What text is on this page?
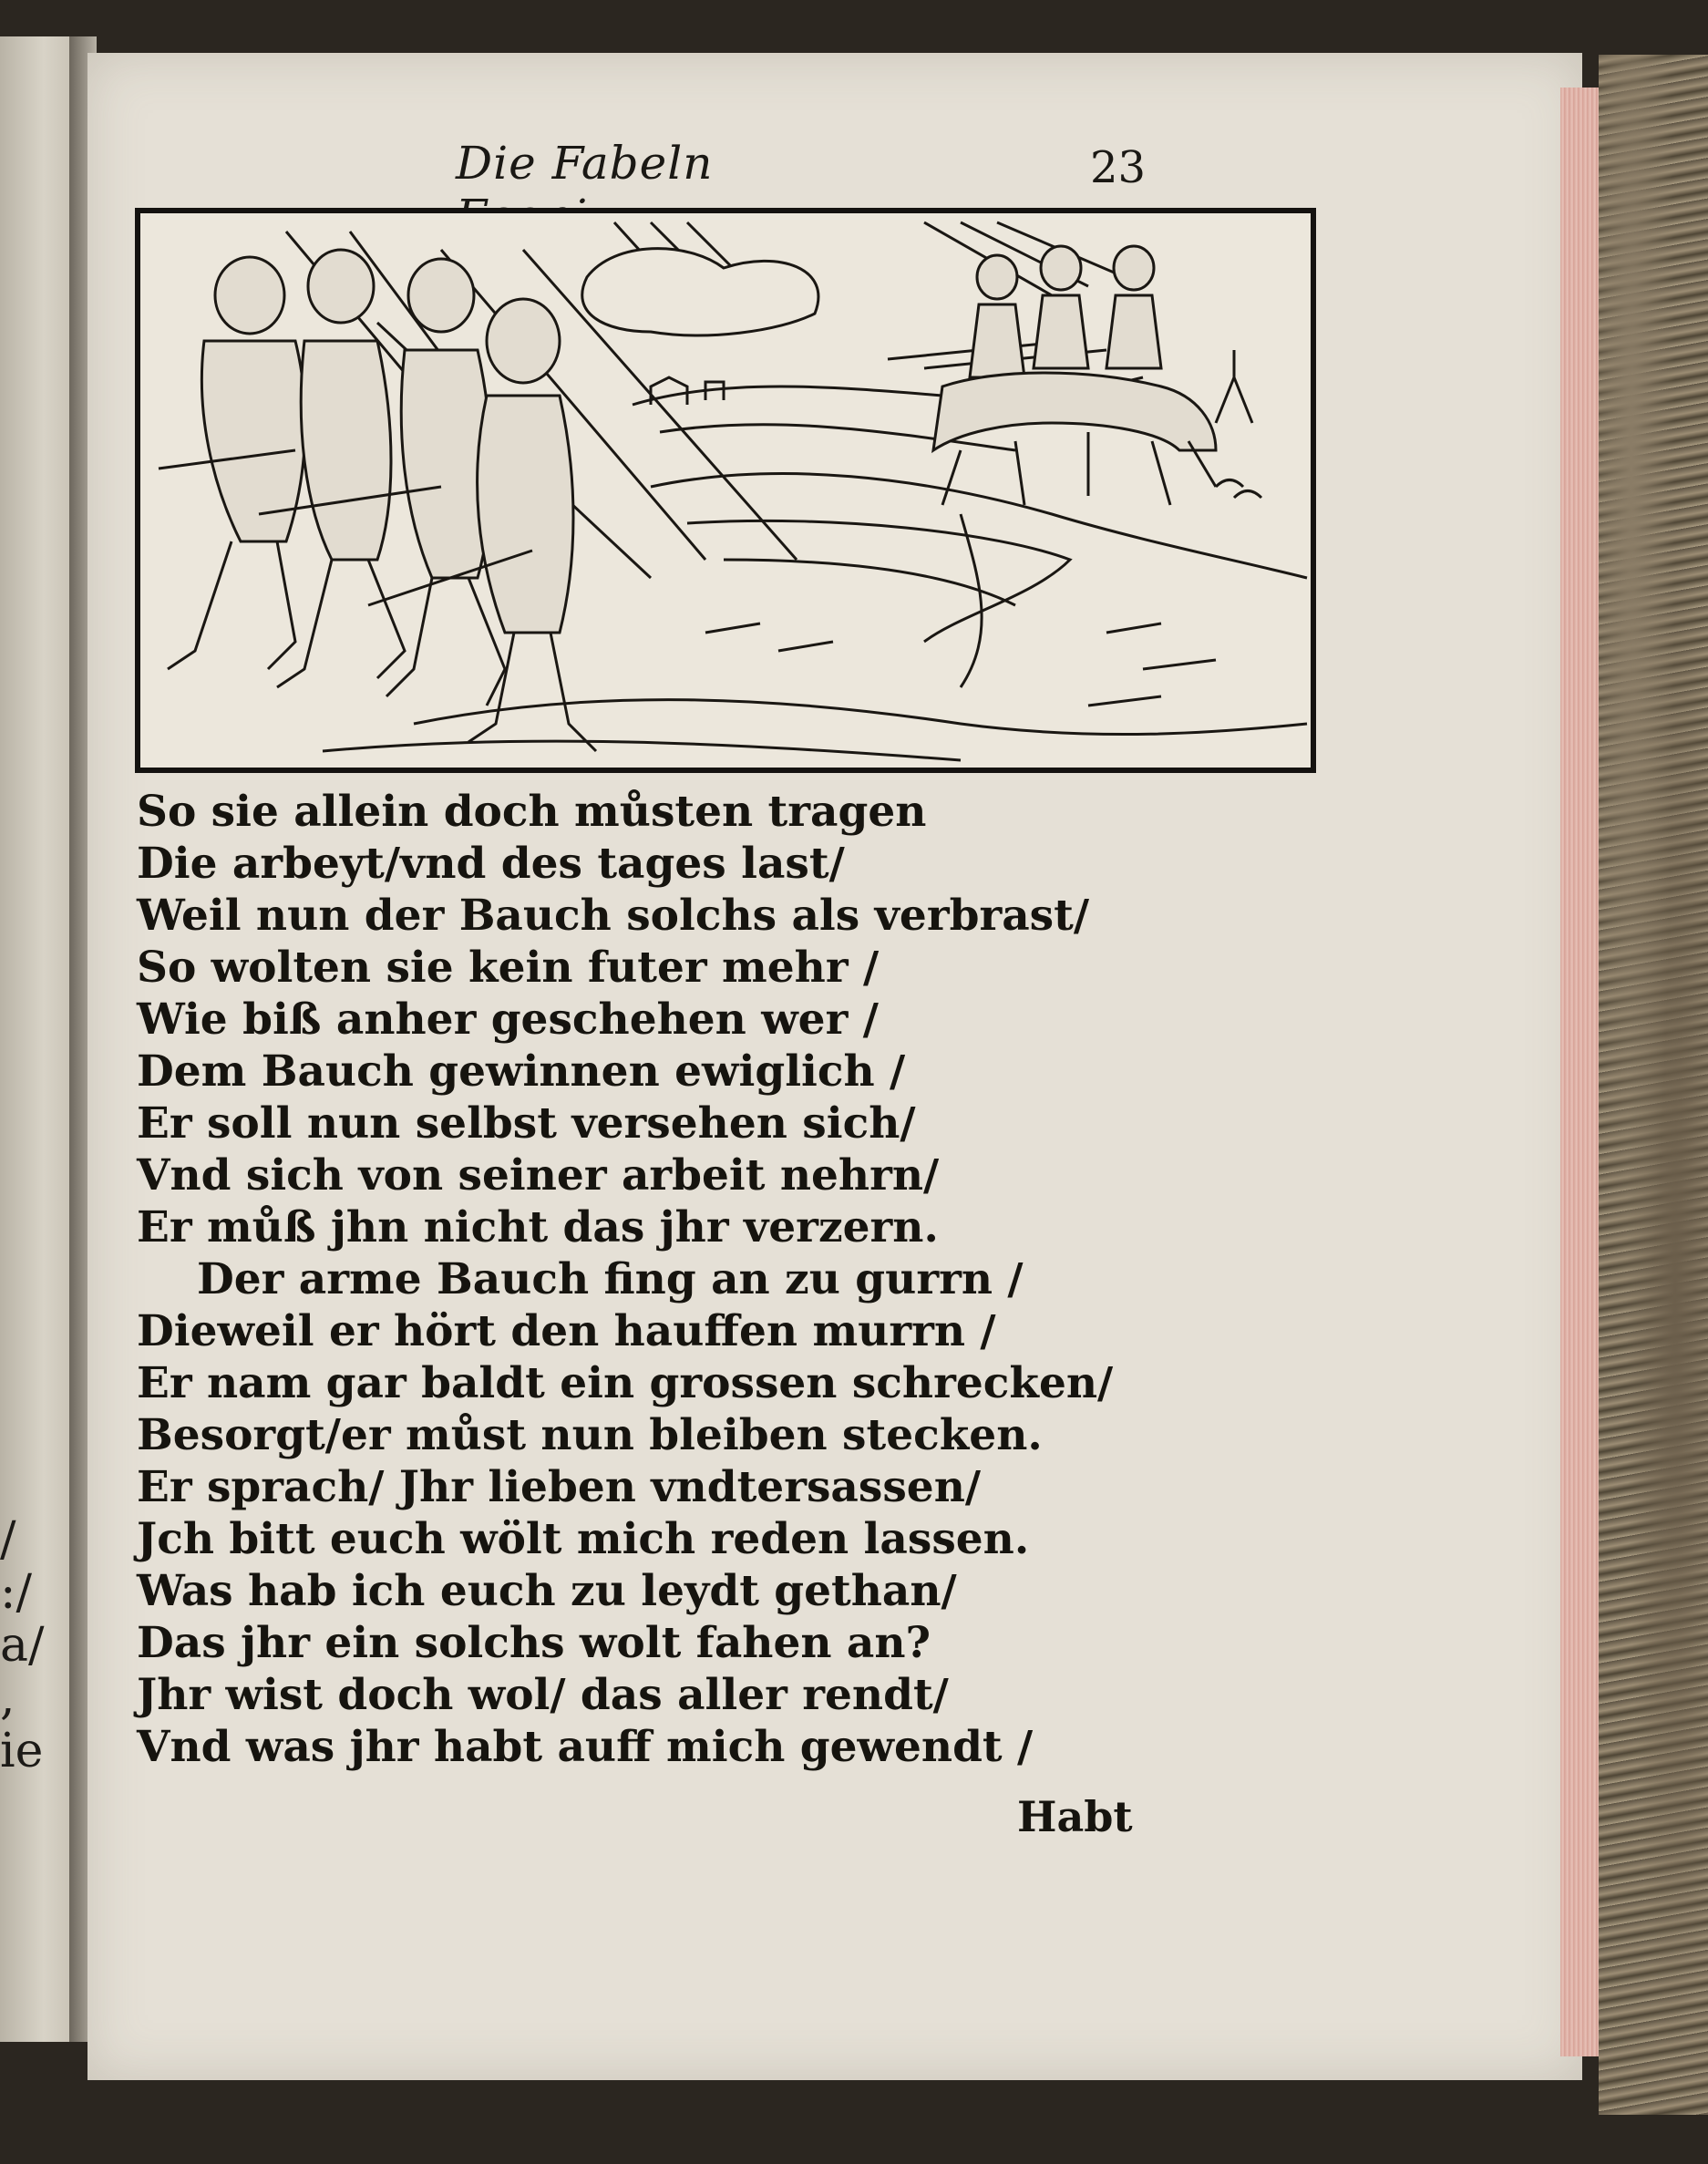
/
:/
a/
,
ie
Die Fabeln	23
So sie allein doch můsten tragen
Die arbeyt/vnd des tages last/
Weil nun der Bauch solchs als verbrast/
So wolten sie kein futer mehr /
Wie biß anher geschehen wer /
Dem Bauch gewinnen ewiglich /
Er soll nun selbst versehen sich/
Vnd sich von seiner arbeit nehrn/
Er můß jhn nicht das jhr verzern.
Der arme Bauch fing an zu gurrn /
Dieweil er hört den hauffen murrn /
Er nam gar baldt ein grossen schrecken/
Besorgt/er můst nun bleiben stecken.
Er sprach/ Jhr lieben vndtersassen/
Jch bitt euch wölt mich reden lassen.
Was hab ich euch zu leydt gethan/
Das jhr ein solchs wolt fahen an?
Jhr wist doch wol/ das aller rendt/
Vnd was jhr habt auff mich gewendt /
Habt
